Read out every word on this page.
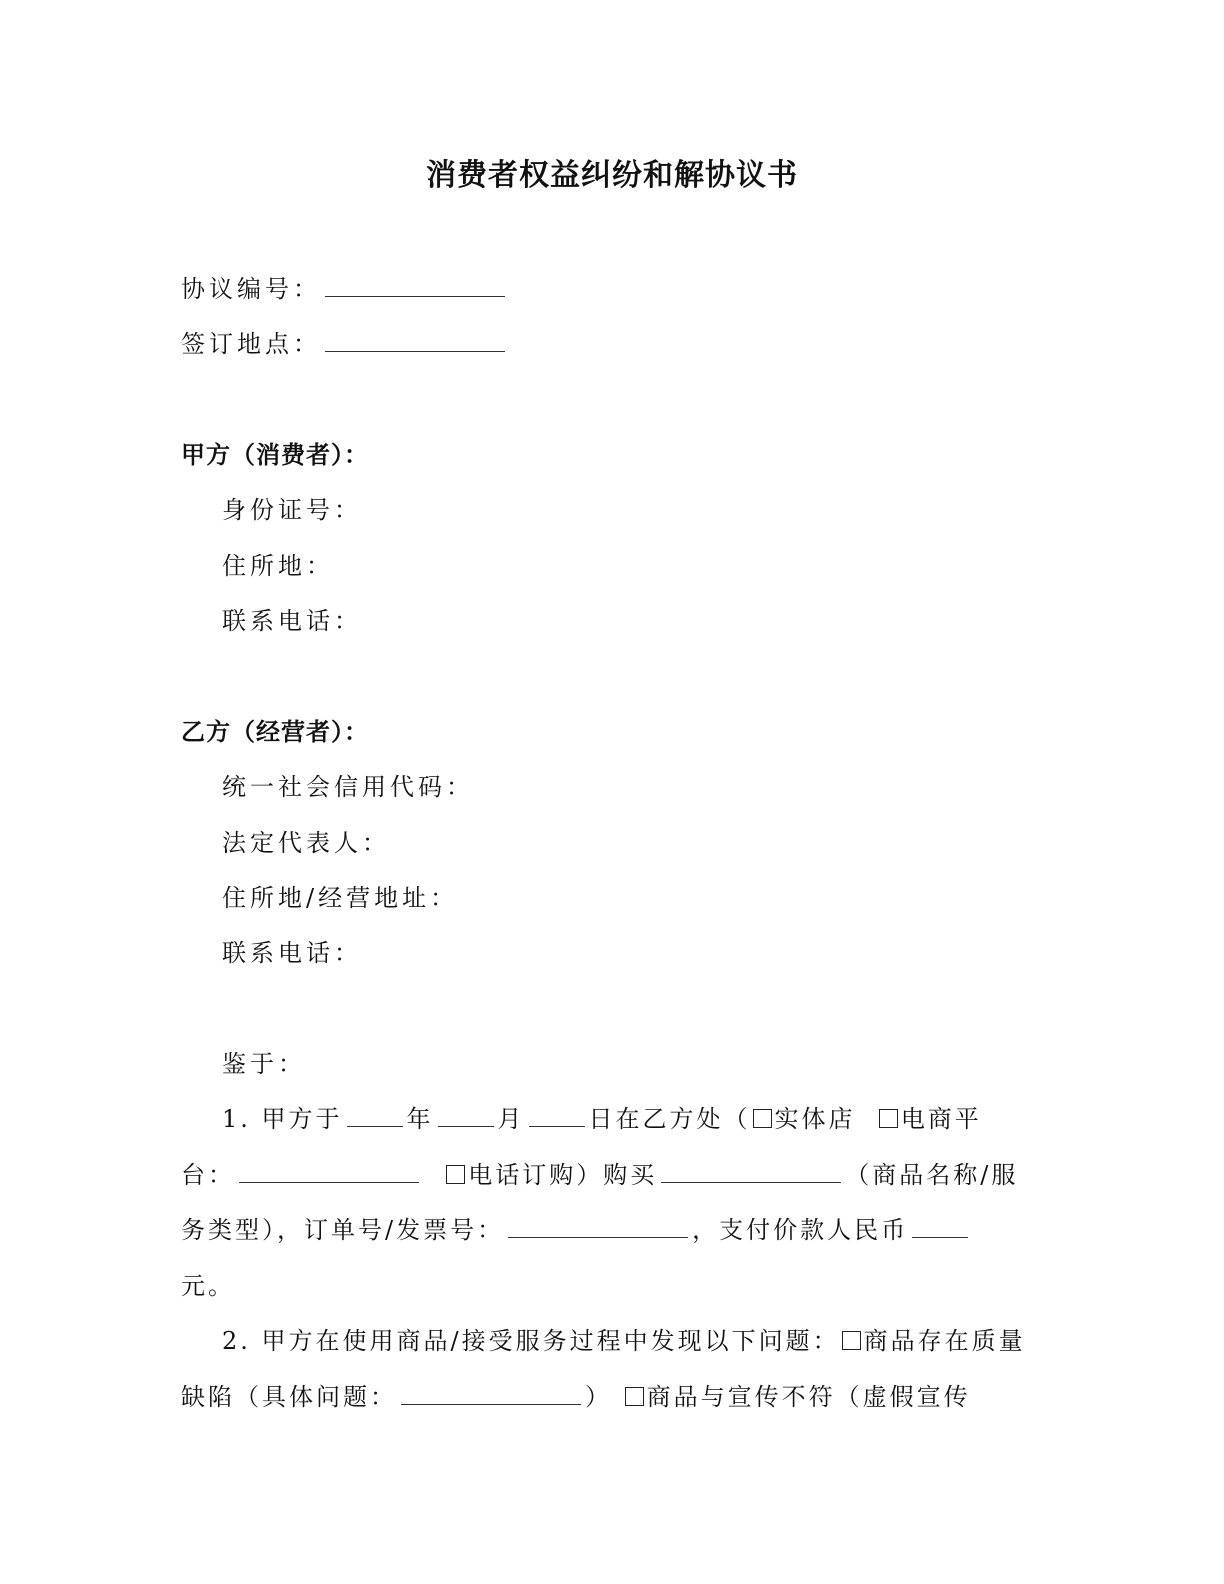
消费者权益纠纷和解协议书
协议编号：
签订地点：
甲方（消费者）：
身份证号：
住所地：
联系电话：
乙方（经营者）：
统一社会信用代码：
法定代表人：
住所地/经营地址：
联系电话：
鉴于：
1. 甲方于	年	月	日在乙方处（ 实体店 电商平台：	电话订购）购买	（商品名称/服务类型），订单号/发票号：	，支付价款人民币元。
2. 甲方在使用商品/接受服务过程中发现以下问题： 商品存在质量缺陷（具体问题：	） 商品与宣传不符（虚假宣传
